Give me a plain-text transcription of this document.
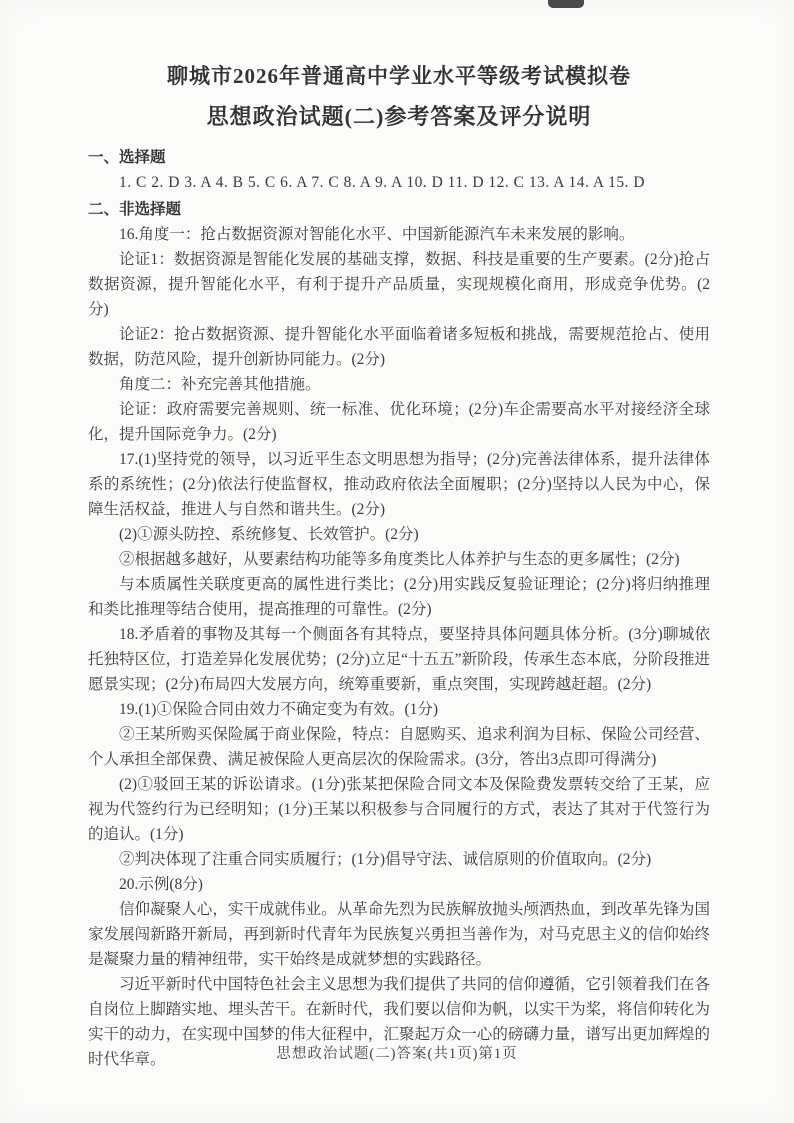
聊城市2026年普通高中学业水平等级考试模拟卷
思想政治试题(二)参考答案及评分说明
一、选择题

1. C 2. D 3. A 4. B 5. C 6. A 7. C 8. A 9. A 10. D 11. D 12. C 13. A 14. A 15. D

二、非选择题

16.角度一：抢占数据资源对智能化水平、中国新能源汽车未来发展的影响。

论证1：数据资源是智能化发展的基础支撑，数据、科技是重要的生产要素。(2分)抢占数据资源，提升智能化水平，有利于提升产品质量，实现规模化商用，形成竞争优势。(2分)

论证2：抢占数据资源、提升智能化水平面临着诸多短板和挑战，需要规范抢占、使用数据，防范风险，提升创新协同能力。(2分)

角度二：补充完善其他措施。

论证：政府需要完善规则、统一标准、优化环境；(2分)车企需要高水平对接经济全球化，提升国际竞争力。(2分)

17.(1)坚持党的领导，以习近平生态文明思想为指导；(2分)完善法律体系，提升法律体系的系统性；(2分)依法行使监督权，推动政府依法全面履职；(2分)坚持以人民为中心，保障生活权益，推进人与自然和谐共生。(2分)

(2)①源头防控、系统修复、长效管护。(2分)

②根据越多越好，从要素结构功能等多角度类比人体养护与生态的更多属性；(2分)

与本质属性关联度更高的属性进行类比；(2分)用实践反复验证理论；(2分)将归纳推理和类比推理等结合使用，提高推理的可靠性。(2分)

18.矛盾着的事物及其每一个侧面各有其特点，要坚持具体问题具体分析。(3分)聊城依托独特区位，打造差异化发展优势；(2分)立足“十五五”新阶段，传承生态本底，分阶段推进愿景实现；(2分)布局四大发展方向，统筹重要新，重点突围，实现跨越赶超。(2分)

19.(1)①保险合同由效力不确定变为有效。(1分)

②王某所购买保险属于商业保险，特点：自愿购买、追求利润为目标、保险公司经营、个人承担全部保费、满足被保险人更高层次的保险需求。(3分，答出3点即可得满分)

(2)①驳回王某的诉讼请求。(1分)张某把保险合同文本及保险费发票转交给了王某，应视为代签约行为已经明知；(1分)王某以积极参与合同履行的方式，表达了其对于代签行为的追认。(1分)

②判决体现了注重合同实质履行；(1分)倡导守法、诚信原则的价值取向。(2分)

20.示例(8分)

信仰凝聚人心，实干成就伟业。从革命先烈为民族解放抛头颅洒热血，到改革先锋为国家发展闯新路开新局，再到新时代青年为民族复兴勇担当善作为，对马克思主义的信仰始终是凝聚力量的精神纽带，实干始终是成就梦想的实践路径。

习近平新时代中国特色社会主义思想为我们提供了共同的信仰遵循，它引领着我们在各自岗位上脚踏实地、埋头苦干。在新时代，我们要以信仰为帆，以实干为桨，将信仰转化为实干的动力，在实现中国梦的伟大征程中，汇聚起万众一心的磅礴力量，谱写出更加辉煌的时代华章。	思想政治试题(二)答案(共1页)第1页
